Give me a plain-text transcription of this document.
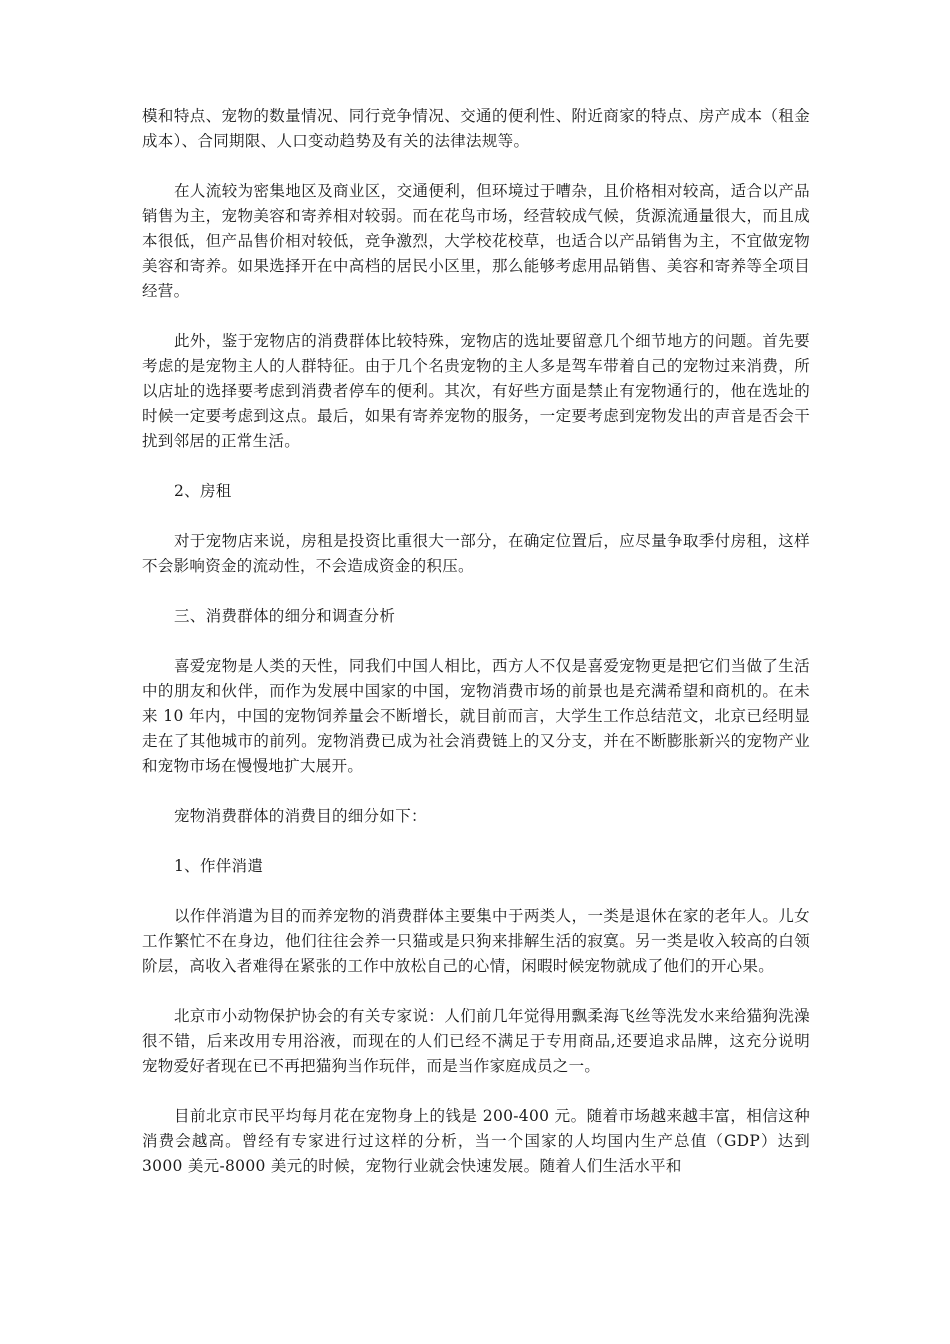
模和特点、宠物的数量情况、同行竞争情况、交通的便利性、附近商家的特点、房产成本（租金成本）、合同期限、人口变动趋势及有关的法律法规等。

在人流较为密集地区及商业区，交通便利，但环境过于嘈杂，且价格相对较高，适合以产品销售为主，宠物美容和寄养相对较弱。而在花鸟市场，经营较成气候，货源流通量很大，而且成本很低，但产品售价相对较低，竞争激烈，大学校花校草，也适合以产品销售为主，不宜做宠物美容和寄养。如果选择开在中高档的居民小区里，那么能够考虑用品销售、美容和寄养等全项目经营。

此外，鉴于宠物店的消费群体比较特殊，宠物店的选址要留意几个细节地方的问题。首先要考虑的是宠物主人的人群特征。由于几个名贵宠物的主人多是驾车带着自己的宠物过来消费，所以店址的选择要考虑到消费者停车的便利。其次，有好些方面是禁止有宠物通行的，他在选址的时候一定要考虑到这点。最后，如果有寄养宠物的服务，一定要考虑到宠物发出的声音是否会干扰到邻居的正常生活。

2、房租

对于宠物店来说，房租是投资比重很大一部分，在确定位置后，应尽量争取季付房租，这样不会影响资金的流动性，不会造成资金的积压。

三、消费群体的细分和调查分析

喜爱宠物是人类的天性，同我们中国人相比，西方人不仅是喜爱宠物更是把它们当做了生活中的朋友和伙伴，而作为发展中国家的中国，宠物消费市场的前景也是充满希望和商机的。在未来 10 年内，中国的宠物饲养量会不断增长，就目前而言，大学生工作总结范文，北京已经明显走在了其他城市的前列。宠物消费已成为社会消费链上的又分支，并在不断膨胀新兴的宠物产业和宠物市场在慢慢地扩大展开。

宠物消费群体的消费目的细分如下：

1、作伴消遣

以作伴消遣为目的而养宠物的消费群体主要集中于两类人，一类是退休在家的老年人。儿女工作繁忙不在身边，他们往往会养一只猫或是只狗来排解生活的寂寞。另一类是收入较高的白领阶层，高收入者难得在紧张的工作中放松自己的心情，闲暇时候宠物就成了他们的开心果。

北京市小动物保护协会的有关专家说：人们前几年觉得用飘柔海飞丝等洗发水来给猫狗洗澡很不错，后来改用专用浴液，而现在的人们已经不满足于专用商品,还要追求品牌，这充分说明宠物爱好者现在已不再把猫狗当作玩伴，而是当作家庭成员之一。

目前北京市民平均每月花在宠物身上的钱是 200-400 元。随着市场越来越丰富，相信这种消费会越高。曾经有专家进行过这样的分析，当一个国家的人均国内生产总值（GDP）达到 3000 美元-8000 美元的时候，宠物行业就会快速发展。随着人们生活水平和
